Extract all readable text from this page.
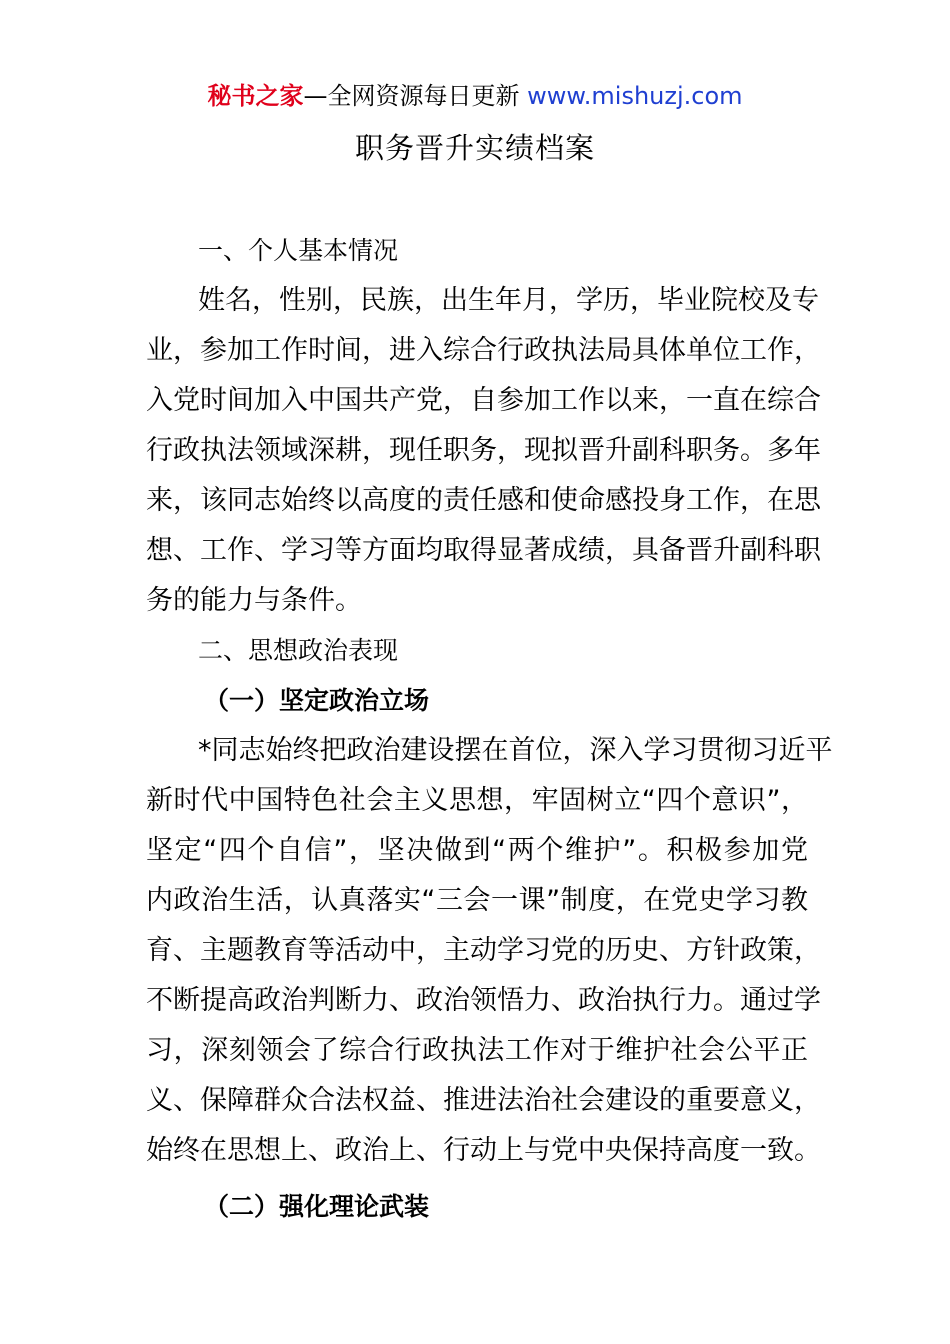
秘书之家—全网资源每日更新 www.mishuzj.com
职务晋升实绩档案
一、个人基本情况
姓名，性别，民族，出生年月，学历，毕业院校及专
业，参加工作时间，进入综合行政执法局具体单位工作，
入党时间加入中国共产党，自参加工作以来，一直在综合
行政执法领域深耕，现任职务，现拟晋升副科职务。多年
来，该同志始终以高度的责任感和使命感投身工作，在思
想、工作、学习等方面均取得显著成绩，具备晋升副科职
务的能力与条件。
二、思想政治表现
（一）坚定政治立场
*同志始终把政治建设摆在首位，深入学习贯彻习近平
新时代中国特色社会主义思想，牢固树立“四个意识”，
坚定“四个自信”，坚决做到“两个维护”。积极参加党
内政治生活，认真落实“三会一课”制度，在党史学习教
育、主题教育等活动中，主动学习党的历史、方针政策，
不断提高政治判断力、政治领悟力、政治执行力。通过学
习，深刻领会了综合行政执法工作对于维护社会公平正
义、保障群众合法权益、推进法治社会建设的重要意义，
始终在思想上、政治上、行动上与党中央保持高度一致。
（二）强化理论武装
